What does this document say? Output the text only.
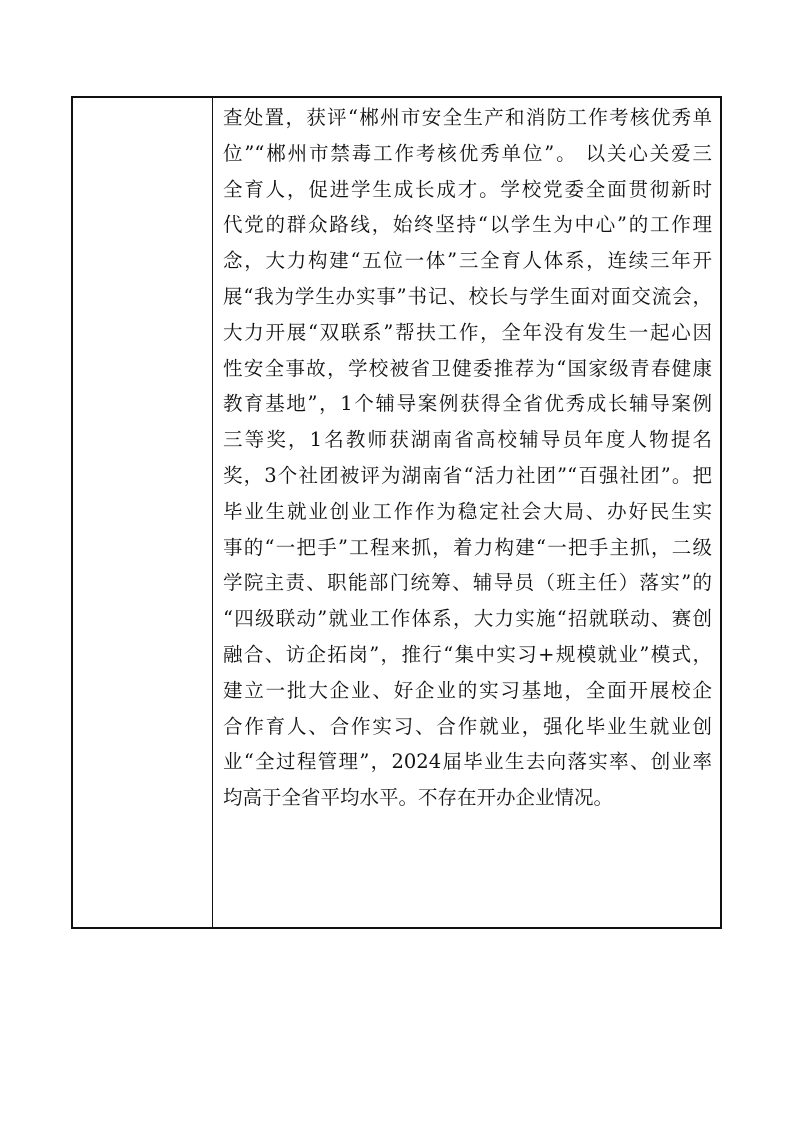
查处置，获评“郴州市安全生产和消防工作考核优秀单
位”“郴州市禁毒工作考核优秀单位”。 以关心关爱三
全育人，促进学生成长成才。学校党委全面贯彻新时
代党的群众路线，始终坚持“以学生为中心”的工作理
念，大力构建“五位一体”三全育人体系，连续三年开
展“我为学生办实事”书记、校长与学生面对面交流会，
大力开展“双联系”帮扶工作，全年没有发生一起心因
性安全事故，学校被省卫健委推荐为“国家级青春健康
教育基地”，1个辅导案例获得全省优秀成长辅导案例
三等奖，1名教师获湖南省高校辅导员年度人物提名
奖，3个社团被评为湖南省“活力社团”“百强社团”。把
毕业生就业创业工作作为稳定社会大局、办好民生实
事的“一把手”工程来抓，着力构建“一把手主抓，二级
学院主责、职能部门统筹、辅导员（班主任）落实”的
“四级联动”就业工作体系，大力实施“招就联动、赛创
融合、访企拓岗”，推行“集中实习+规模就业”模式，
建立一批大企业、好企业的实习基地，全面开展校企
合作育人、合作实习、合作就业，强化毕业生就业创
业“全过程管理”，2024届毕业生去向落实率、创业率
均高于全省平均水平。不存在开办企业情况。
